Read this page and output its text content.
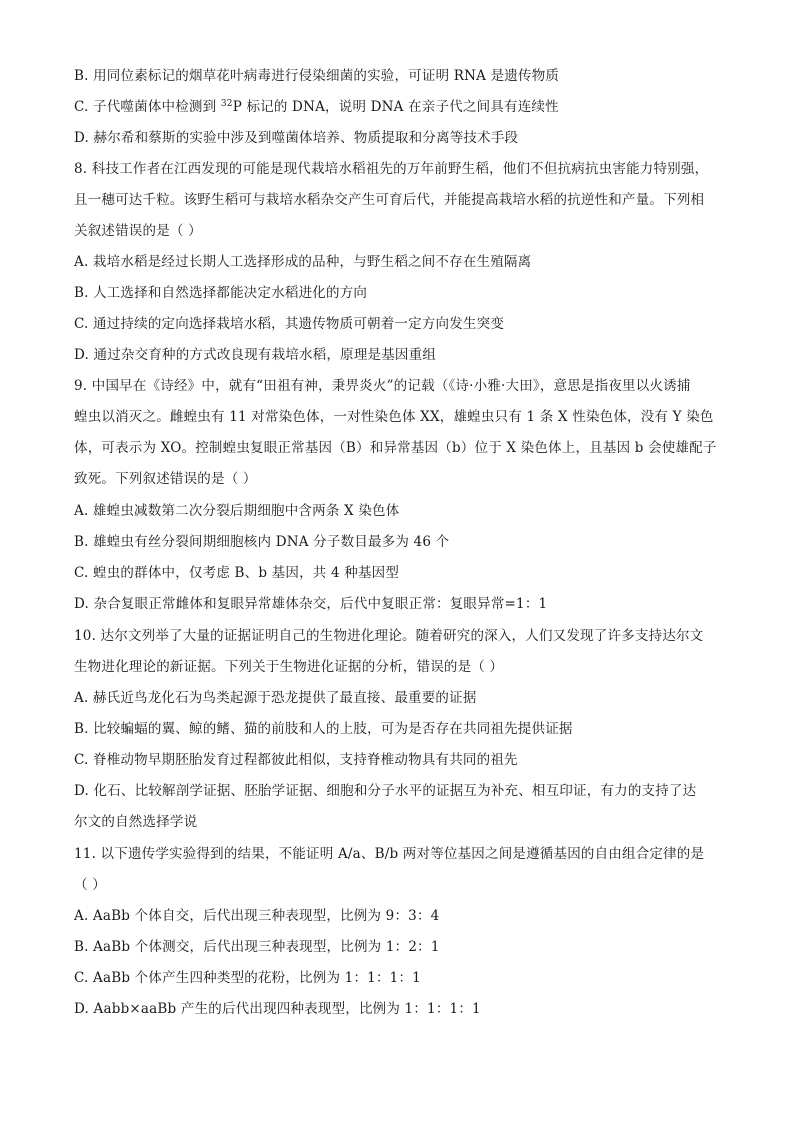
B. 用同位素标记的烟草花叶病毒进行侵染细菌的实验，可证明 RNA 是遗传物质
C. 子代噬菌体中检测到 $^{32}$P 标记的 DNA，说明 DNA 在亲子代之间具有连续性
D. 赫尔希和蔡斯的实验中涉及到噬菌体培养、物质提取和分离等技术手段
8. 科技工作者在江西发现的可能是现代栽培水稻祖先的万年前野生稻，他们不但抗病抗虫害能力特别强，
且一穗可达千粒。该野生稻可与栽培水稻杂交产生可育后代，并能提高栽培水稻的抗逆性和产量。下列相
关叙述错误的是（ ）
A. 栽培水稻是经过长期人工选择形成的品种，与野生稻之间不存在生殖隔离
B. 人工选择和自然选择都能决定水稻进化的方向
C. 通过持续的定向选择栽培水稻，其遗传物质可朝着一定方向发生突变
D. 通过杂交育种的方式改良现有栽培水稻，原理是基因重组
9. 中国早在《诗经》中，就有“田祖有神，秉畀炎火”的记载（《诗·小雅·大田》，意思是指夜里以火诱捕
蝗虫以消灭之。雌蝗虫有 11 对常染色体，一对性染色体 XX，雄蝗虫只有 1 条 X 性染色体，没有 Y 染色
体，可表示为 XO。控制蝗虫复眼正常基因（B）和异常基因（b）位于 X 染色体上，且基因 b 会使雄配子
致死。下列叙述错误的是（ ）
A. 雄蝗虫减数第二次分裂后期细胞中含两条 X 染色体
B. 雄蝗虫有丝分裂间期细胞核内 DNA 分子数目最多为 46 个
C. 蝗虫的群体中，仅考虑 B、b 基因，共 4 种基因型
D. 杂合复眼正常雌体和复眼异常雄体杂交，后代中复眼正常：复眼异常=1：1
10. 达尔文列举了大量的证据证明自己的生物进化理论。随着研究的深入，人们又发现了许多支持达尔文
生物进化理论的新证据。下列关于生物进化证据的分析，错误的是（ ）
A. 赫氏近鸟龙化石为鸟类起源于恐龙提供了最直接、最重要的证据
B. 比较蝙蝠的翼、鲸的鳍、猫的前肢和人的上肢，可为是否存在共同祖先提供证据
C. 脊椎动物早期胚胎发育过程都彼此相似，支持脊椎动物具有共同的祖先
D. 化石、比较解剖学证据、胚胎学证据、细胞和分子水平的证据互为补充、相互印证，有力的支持了达
尔文的自然选择学说
11. 以下遗传学实验得到的结果，不能证明 A/a、B/b 两对等位基因之间是遵循基因的自由组合定律的是
（ ）
A. AaBb 个体自交，后代出现三种表现型，比例为 9：3：4
B. AaBb 个体测交，后代出现三种表现型，比例为 1：2：1
C. AaBb 个体产生四种类型的花粉，比例为 1：1：1：1
D. Aabb×aaBb 产生的后代出现四种表现型，比例为 1：1：1：1
